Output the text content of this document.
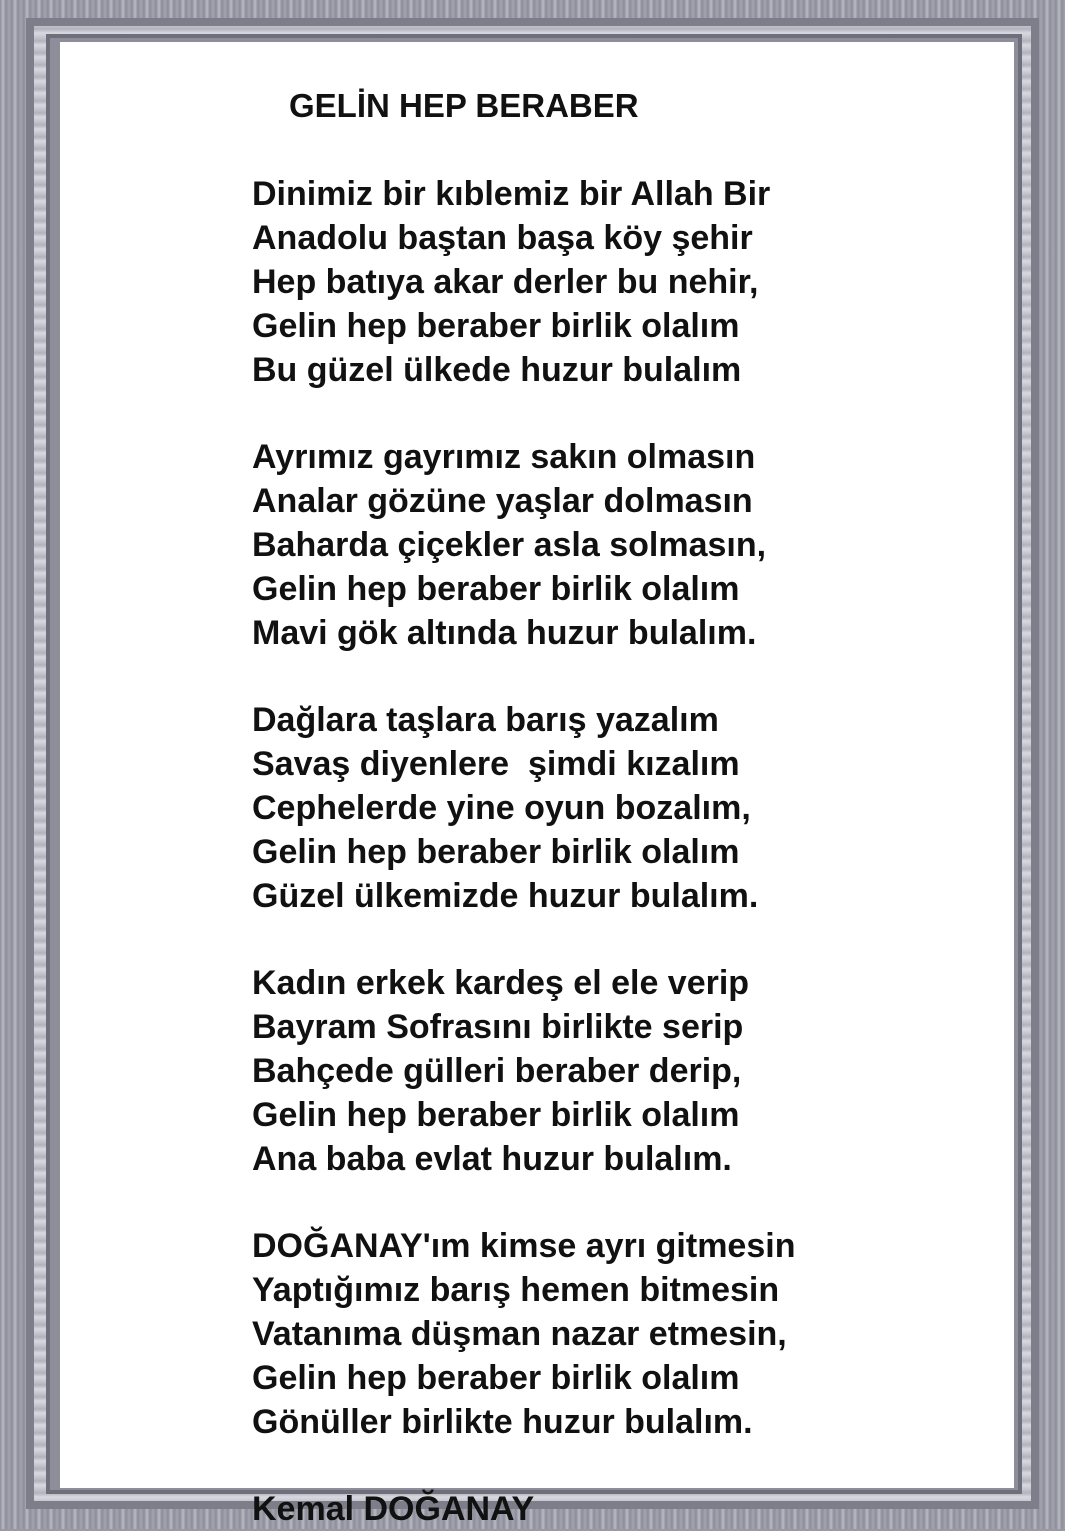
GELİN HEP BERABER
Dinimiz bir kıblemiz bir Allah Bir
Anadolu baştan başa köy şehir
Hep batıya akar derler bu nehir,
Gelin hep beraber birlik olalım
Bu güzel ülkede huzur bulalım
Ayrımız gayrımız sakın olmasın
Analar gözüne yaşlar dolmasın
Baharda çiçekler asla solmasın,
Gelin hep beraber birlik olalım
Mavi gök altında huzur bulalım.
Dağlara taşlara barış yazalım
Savaş diyenlere  şimdi kızalım
Cephelerde yine oyun bozalım,
Gelin hep beraber birlik olalım
Güzel ülkemizde huzur bulalım.
Kadın erkek kardeş el ele verip
Bayram Sofrasını birlikte serip
Bahçede gülleri beraber derip,
Gelin hep beraber birlik olalım
Ana baba evlat huzur bulalım.
DOĞANAY'ım kimse ayrı gitmesin
Yaptığımız barış hemen bitmesin
Vatanıma düşman nazar etmesin,
Gelin hep beraber birlik olalım
Gönüller birlikte huzur bulalım.
Kemal DOĞANAY
